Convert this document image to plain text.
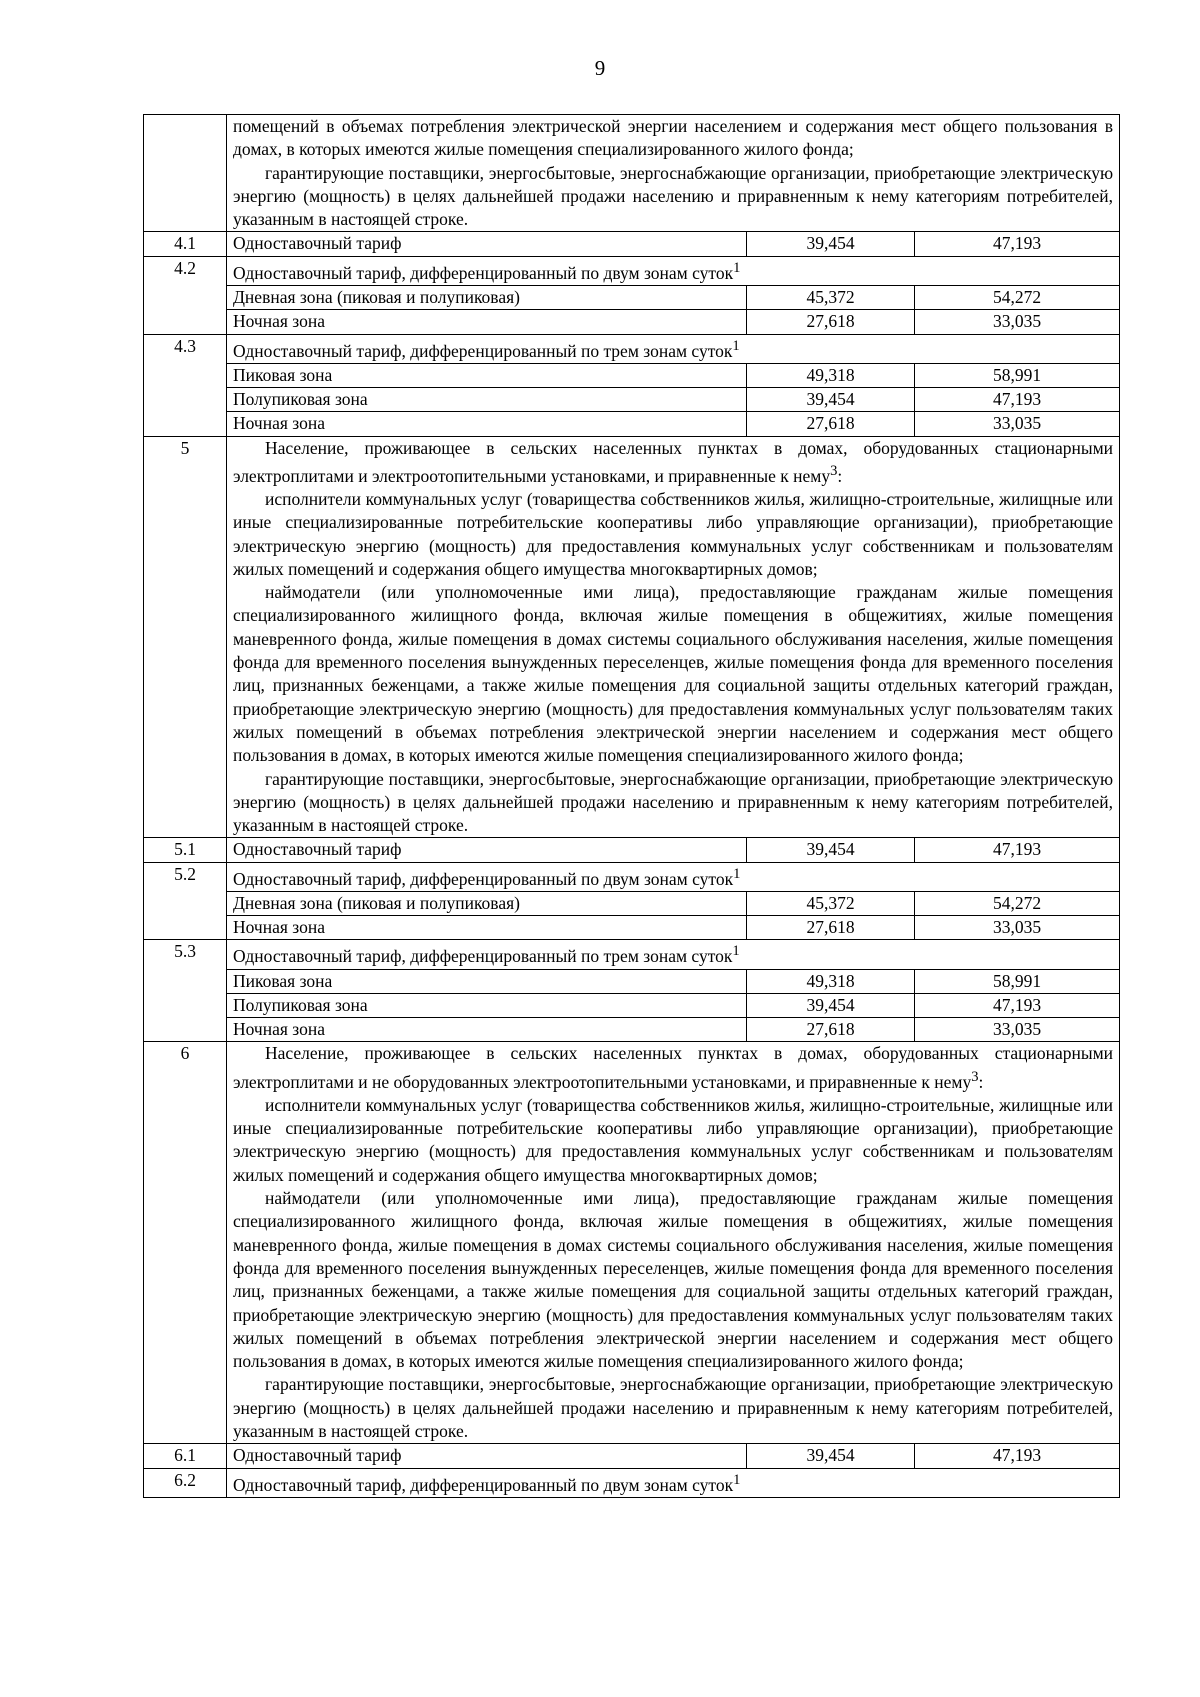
9

	помещений в объемах потребления электрической энергии населением и содержания мест общего пользования в домах, в которых имеются жилые помещения специализированного жилого фонда;

гарантирующие поставщики, энергосбытовые, энергоснабжающие организации, приобретающие электрическую энергию (мощность) в целях дальнейшей продажи населению и приравненным к нему категориям потребителей, указанным в настоящей строке.		

4.1	Одноставочный тариф	39,454	47,193
4.2	Одноставочный тариф, дифференцированный по двум зонам суток$^1$
	Дневная зона (пиковая и полупиковая)	45,372	54,272
	Ночная зона	27,618	33,035
4.3	Одноставочный тариф, дифференцированный по трем зонам суток$^1$
	Пиковая зона	49,318	58,991
	Полупиковая зона	39,454	47,193
	Ночная зона	27,618	33,035
5	Население, проживающее в сельских населенных пунктах в домах, оборудованных стационарными электроплитами и электроотопительными установками, и приравненные к нему$^3$:

исполнители коммунальных услуг (товарищества собственников жилья, жилищно-строительные, жилищные или иные специализированные потребительские кооперативы либо управляющие организации), приобретающие электрическую энергию (мощность) для предоставления коммунальных услуг собственникам и пользователям жилых помещений и содержания общего имущества многоквартирных домов;

наймодатели (или уполномоченные ими лица), предоставляющие гражданам жилые помещения специализированного жилищного фонда, включая жилые помещения в общежитиях, жилые помещения маневренного фонда, жилые помещения в домах системы социального обслуживания населения, жилые помещения фонда для временного поселения вынужденных переселенцев, жилые помещения фонда для временного поселения лиц, признанных беженцами, а также жилые помещения для социальной защиты отдельных категорий граждан, приобретающие электрическую энергию (мощность) для предоставления коммунальных услуг пользователям таких жилых помещений в объемах потребления электрической энергии населением и содержания мест общего пользования в домах, в которых имеются жилые помещения специализированного жилого фонда;

гарантирующие поставщики, энергосбытовые, энергоснабжающие организации, приобретающие электрическую энергию (мощность) в целях дальнейшей продажи населению и приравненным к нему категориям потребителей, указанным в настоящей строке.		

5.1	Одноставочный тариф	39,454	47,193
5.2	Одноставочный тариф, дифференцированный по двум зонам суток$^1$
	Дневная зона (пиковая и полупиковая)	45,372	54,272
	Ночная зона	27,618	33,035
5.3	Одноставочный тариф, дифференцированный по трем зонам суток$^1$
	Пиковая зона	49,318	58,991
	Полупиковая зона	39,454	47,193
	Ночная зона	27,618	33,035
6	Население, проживающее в сельских населенных пунктах в домах, оборудованных стационарными электроплитами и не оборудованных электроотопительными установками, и приравненные к нему$^3$:

исполнители коммунальных услуг (товарищества собственников жилья, жилищно-строительные, жилищные или иные специализированные потребительские кооперативы либо управляющие организации), приобретающие электрическую энергию (мощность) для предоставления коммунальных услуг собственникам и пользователям жилых помещений и содержания общего имущества многоквартирных домов;

наймодатели (или уполномоченные ими лица), предоставляющие гражданам жилые помещения специализированного жилищного фонда, включая жилые помещения в общежитиях, жилые помещения маневренного фонда, жилые помещения в домах системы социального обслуживания населения, жилые помещения фонда для временного поселения вынужденных переселенцев, жилые помещения фонда для временного поселения лиц, признанных беженцами, а также жилые помещения для социальной защиты отдельных категорий граждан, приобретающие электрическую энергию (мощность) для предоставления коммунальных услуг пользователям таких жилых помещений в объемах потребления электрической энергии населением и содержания мест общего пользования в домах, в которых имеются жилые помещения специализированного жилого фонда;

гарантирующие поставщики, энергосбытовые, энергоснабжающие организации, приобретающие электрическую энергию (мощность) в целях дальнейшей продажи населению и приравненным к нему категориям потребителей, указанным в настоящей строке.		

6.1	Одноставочный тариф	39,454	47,193
6.2	Одноставочный тариф, дифференцированный по двум зонам суток$^1$
